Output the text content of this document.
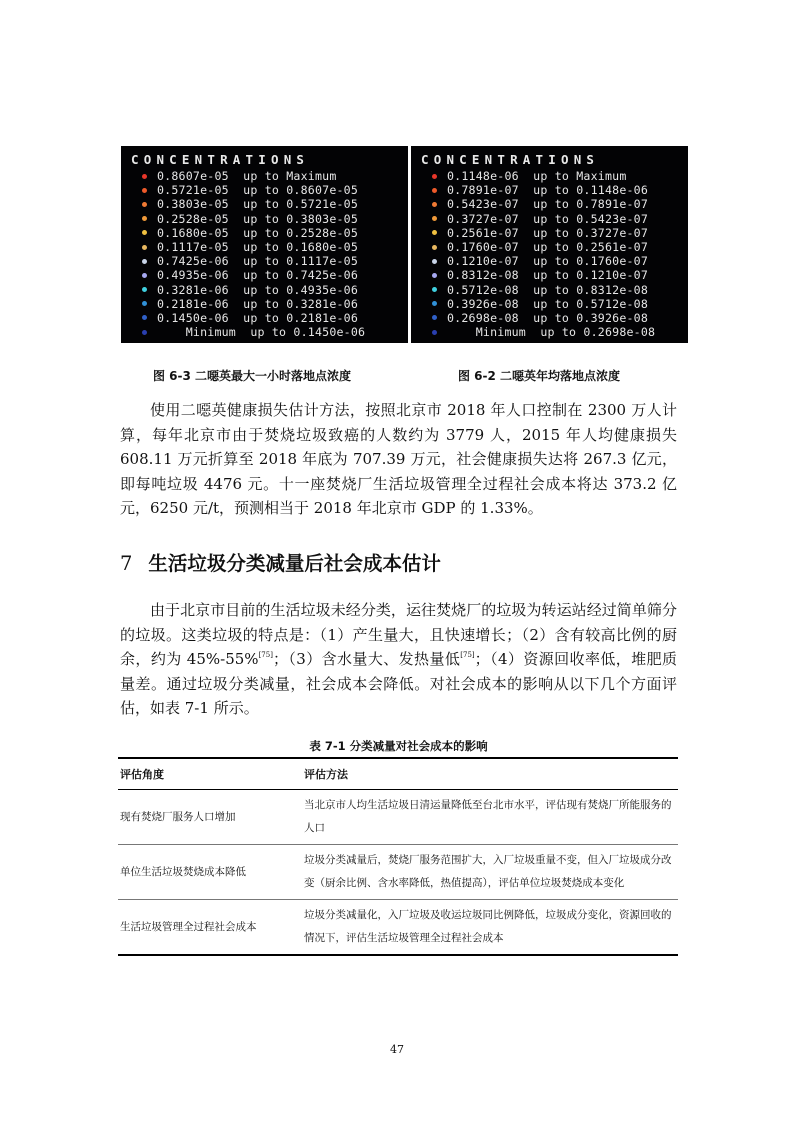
CONCENTRATIONS
0.8607e-05  up to Maximum
0.5721e-05  up to 0.8607e-05
0.3803e-05  up to 0.5721e-05
0.2528e-05  up to 0.3803e-05
0.1680e-05  up to 0.2528e-05
0.1117e-05  up to 0.1680e-05
0.7425e-06  up to 0.1117e-05
0.4935e-06  up to 0.7425e-06
0.3281e-06  up to 0.4935e-06
0.2181e-06  up to 0.3281e-06
0.1450e-06  up to 0.2181e-06
Minimum  up to 0.1450e-06
CONCENTRATIONS
0.1148e-06  up to Maximum
0.7891e-07  up to 0.1148e-06
0.5423e-07  up to 0.7891e-07
0.3727e-07  up to 0.5423e-07
0.2561e-07  up to 0.3727e-07
0.1760e-07  up to 0.2561e-07
0.1210e-07  up to 0.1760e-07
0.8312e-08  up to 0.1210e-07
0.5712e-08  up to 0.8312e-08
0.3926e-08  up to 0.5712e-08
0.2698e-08  up to 0.3926e-08
Minimum  up to 0.2698e-08
图 6-3 二噁英最大一小时落地点浓度	图 6-2 二噁英年均落地点浓度

使用二噁英健康损失估计方法，按照北京市 2018 年人口控制在 2300 万人计算，每年北京市由于焚烧垃圾致癌的人数约为 3779 人，2015 年人均健康损失 608.11 万元折算至 2018 年底为 707.39 万元，社会健康损失达将 267.3 亿元，即每吨垃圾 4476 元。十一座焚烧厂生活垃圾管理全过程社会成本将达 373.2 亿元，6250 元/t，预测相当于 2018 年北京市 GDP 的 1.33%。

7 生活垃圾分类减量后社会成本估计

由于北京市目前的生活垃圾未经分类，运往焚烧厂的垃圾为转运站经过简单筛分的垃圾。这类垃圾的特点是：（1）产生量大，且快速增长；（2）含有较高比例的厨余，约为 45%-55%[75]；（3）含水量大、发热量低[75]；（4）资源回收率低，堆肥质量差。通过垃圾分类减量，社会成本会降低。对社会成本的影响从以下几个方面评估，如表 7-1 所示。

表 7-1 分类减量对社会成本的影响
评估角度	评估方法
现有焚烧厂服务人口增加	当北京市人均生活垃圾日清运量降低至台北市水平，评估现有焚烧厂所能服务的人口
单位生活垃圾焚烧成本降低	垃圾分类减量后，焚烧厂服务范围扩大，入厂垃圾重量不变，但入厂垃圾成分改变（厨余比例、含水率降低，热值提高），评估单位垃圾焚烧成本变化
生活垃圾管理全过程社会成本	垃圾分类减量化，入厂垃圾及收运垃圾同比例降低，垃圾成分变化，资源回收的情况下，评估生活垃圾管理全过程社会成本
47
